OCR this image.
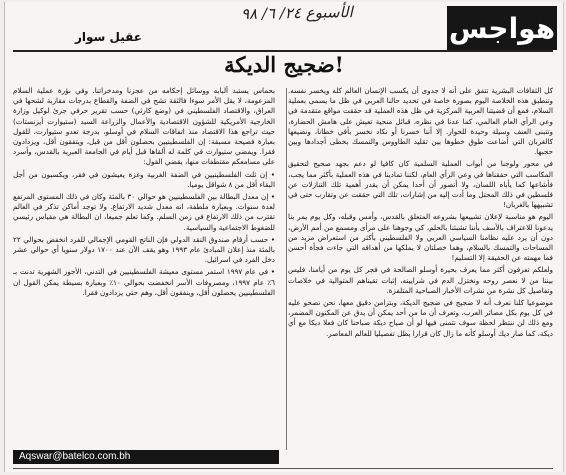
الأسبوع ٢٤/ ٦/ ٩٨	هواجس
عقيل سوار
ضجيج الديكة!

كل الثقافات البشرية تتفق على أنه لا جدوى أن يكسب الإنسان العالم كله ويخسر نفسه. وتنطبق هذه الخلاصة اليوم بصورة خاصة في تحديد حالنا العربي في ظل ما يسمى بعملية السلام، فمع أن قضيتنا العربية المركزية في ظل هذه العملية قد حققت مواقع متقدمة في وعي الرأي العام العالمي، كما عدنا في نظره، قبائل منحية تعيش على هامش الحضارة، وتتبنى العنف وسيلة وحيدة للحوار. إلا أننا خسرنا أو نكاد نخسر بأقي خطانا، ونضيعها كالغربان التي أضاعت طوق خطوها بين تقليد الطاووس والتمسك بخطى أجدادها وبين حجبها.

في محور ولوجنا من أبواب العملية السلمية كان كافيا لو دعم بجهد صحيح لتحقيق المكاسب التي حققناها في وعي الرأي العام، لكننا تمادينا في هذه العملية بأكثر مما يجب، فأشاعها كما يأباه اللسان، ولا أتصور أن أحدا يمكن أن يقدر أهمية تلك التنازلات عن فلسطين في ذلك المحتل وما أدت إليه من إشارات، تلك التي حققت عن وتقارب حتى في تشبيهها بالغربان!

اليوم هو مناسبة لإعلان تشييعها بشروعه المتعلق بالقدس، وأمس وقبله، وكل يوم يمر بنا يدعونا للاعتراف بالأسف بأننا تشبثنا بالحلم، كي وجوهنا على مرأى ومسمع من أمم الأرض، دون أن يرد عليه نظامنا السياسي العربي ولا الفلسطيني بأكثر من استعراض مزيد من المساحات والتمسك بالسلام، وهما خصلتان لا يملكها من أهدافه التي جاءت فجأة أحسن فما مهمته عن الحقيقة إلا التسليم!

ولعلكم تعرفون أكثر مما يعرف بحيرة أوسلو الصالحة في فجر كل يوم من أيامنا، فليس بيننا من لا نعصر روحه ونختزل الدم في شرايينه، إثبات تقيناهم المتوالية في خلاصات وتفاصيل كل نشرة من نشرات الأخبار الصباحية المتلفزة.

موضوعيا كلنا نعرف أنه لا ضجيج في ضجيج الديكة، وبتزامن دقيق معها، نحن نصحو عليه في كل يوم بكل مصائر العرب، وتعرف أن ما من أحد يمكن أن يدق عن المكنون المضمر، ومع ذلك لن ننتظر لحظة سوف نتمنى فيها لو أن صياح ديكة صباحنا كان فعلا ديكا مع أي ديكة، كما صار ديك أوسلو كأنه ما زال كان قرارا يظل تفصيليا للعالم المعاصر.

بحماس يستبد ألبابه ووسائل إحكامه من عجزنا ومدخراتنا. وفي بؤرة عملية السلام المزعومة، لا يقل الأمر سوءا فالثقة تشح في الضفة والقطاع بدرجات مقاربة لشحها في العراق، والاقتصاد الفلسطيني في (وضع كارثي) حسب تقرير حرفي جرئ لوكيل وزارة الخارجية الأمريكية للشؤون الاقتصادية والأعمال والزراعة السيد (ستيوارت أيزنستات) حيث تراجع هذا الاقتصاد منذ اتفاقات السلام في أوسلو، بدرجة تعدو ستيوارت، للقول بعبارة فصيحة مسبقة: إن الفلسطينيين بحصلون أقل من قبل، ويتفقون أقل، ويزدادون فقرا. ويمضي ستيوارت في كلمة له ألقاها قبل أيام في الجامعة العبرية بالقدس، وأسرد على مسامعكم مقتطفات منها، يقضي القول:

• إن ثلث الفلسطينيين في الضفة الغربية وغزة يعيشون في فقر، ويكسبون من أجل البقاء أقل من ٨ شواقل يوميا.

• إن معدل البطالة بين الفلسطينيين هو حوالي ٣٠ بالمئة وكان في ذلك المستوى المرتفع لعدة سنوات. وبعبارة ملطفة، انه معدل شديد الارتفاع. ولا توجد أماكن تذكر في العالم تقترب من ذلك الارتفاع في زمن السلم. وكما تعلم جميعا، ان البطالة هي مقياس رئيسي للضغوط الاجتماعية والسياسية.

• حسب أرقام صندوق النقد الدولي فإن الناتج القومي الإجمالي للفرد انخفض بحوالي ٢٢ بالمئة منذ إعلان المبادئ عام ١٩٩٣ وهو يقف الآن عند ١٧٠٠ دولار سنويا أي حوالي عشر دخل الفرد في اسرائيل.

• في عام ١٩٩٧ استمر مستوى معيشة الفلسطينيين في التدني، الأجور الشهرية تدنت بـ ٦٪ عام ١٩٩٧، ومصروفات الأسر انخفضت بحوالي ١٠٪ وبعبارة بسيطة يمكن القول ان الفلسطينيين يحصلون أقل، وينفقون أقل، وهم حتى يزدادون فقرا.

Aqswar@batelco.com.bh
